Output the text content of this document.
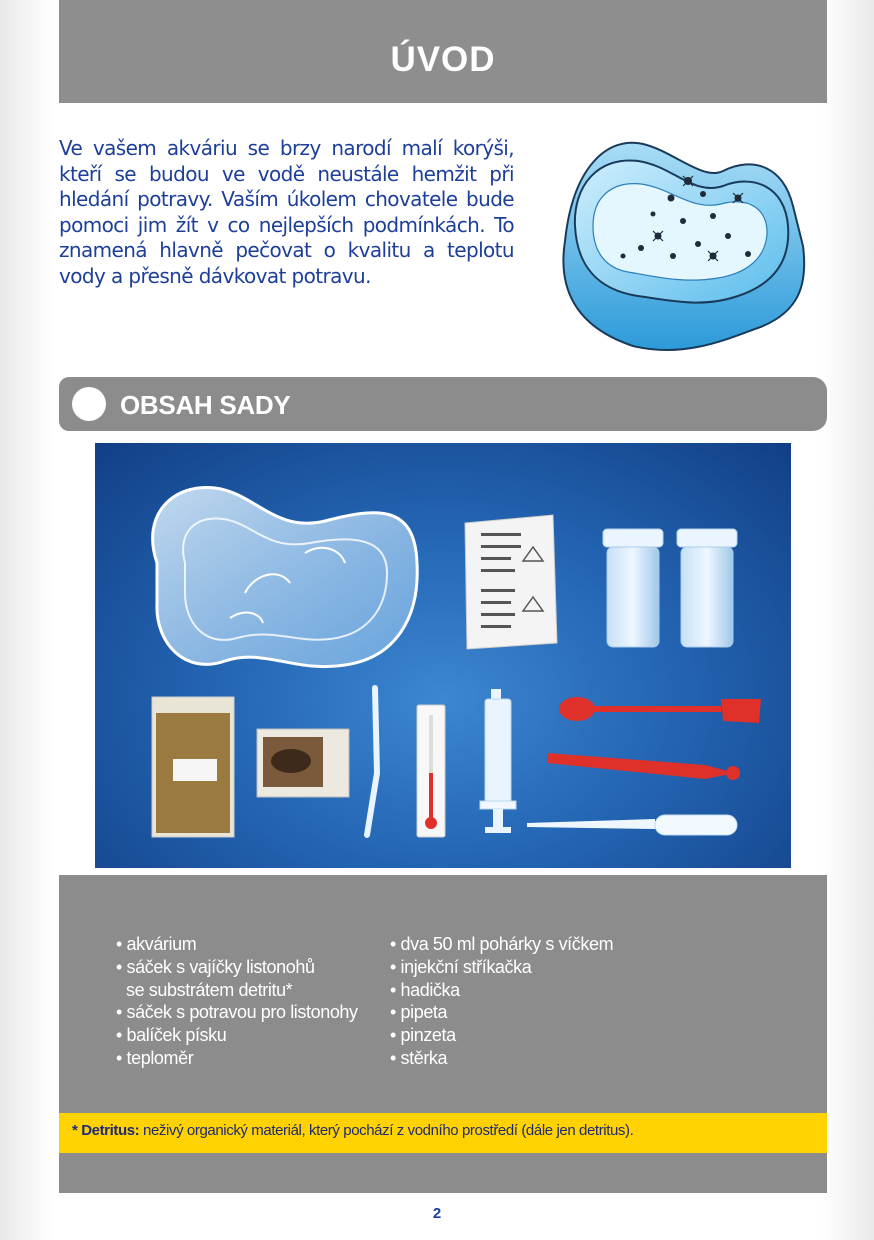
ÚVOD

Ve vašem akváriu se brzy narodí malí korýši, kteří se budou ve vodě neustále hemžit při hledání potravy. Vaším úkolem chovatele bude pomoci jim žít v co nejlepších podmínkách. To znamená hlavně pečovat o kvalitu a teplotu vody a přesně dávkovat potravu.

OBSAH SADY
• akvárium
• sáček s vajíčky listonohů
se substrátem detritu*
• sáček s potravou pro listonohy
• balíček písku
• teploměr
• dva 50 ml pohárky s víčkem
• injekční stříkačka
• hadička
• pipeta
• pinzeta
• stěrka
* Detritus: neživý organický materiál, který pochází z vodního prostředí (dále jen detritus).
2
